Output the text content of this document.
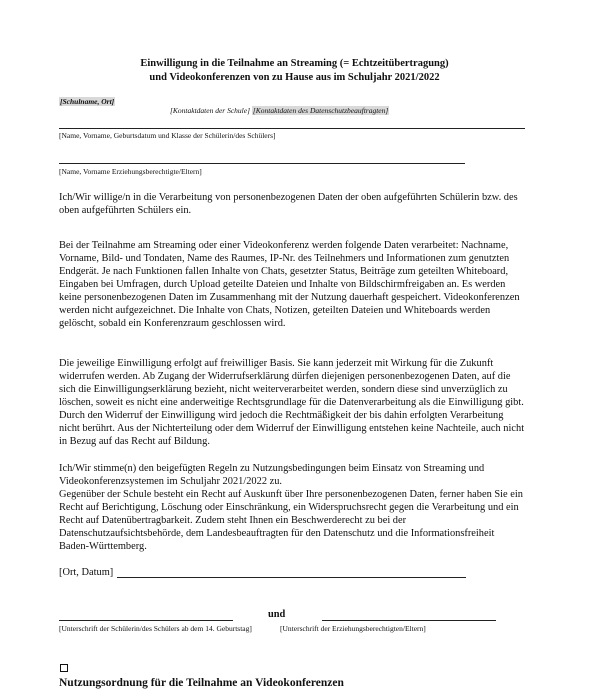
Einwilligung in die Teilnahme an Streaming (= Echtzeitübertragung)
und Videokonferenzen von zu Hause aus im Schuljahr 2021/2022
[Schulname, Ort]
[Kontaktdaten der Schule] [Kontaktdaten des Datenschutzbeauftragten]
[Name, Vorname, Geburtsdatum und Klasse der Schülerin/des Schülers]
[Name, Vorname Erziehungsberechtigte/Eltern]

Ich/Wir willige/n in die Verarbeitung von personenbezogenen Daten der oben aufgeführten Schülerin bzw. des oben aufgeführten Schülers ein.

Bei der Teilnahme am Streaming oder einer Videokonferenz werden folgende Daten verarbeitet: Nachname, Vorname, Bild- und Tondaten, Name des Raumes, IP-Nr. des Teilnehmers und Informationen zum genutzten Endgerät. Je nach Funktionen fallen Inhalte von Chats, gesetzter Status, Beiträge zum geteilten Whiteboard, Eingaben bei Umfragen, durch Upload geteilte Dateien und Inhalte von Bildschirmfreigaben an. Es werden keine personenbezogenen Daten im Zusammenhang mit der Nutzung dauerhaft gespeichert. Videokonferenzen werden nicht aufgezeichnet. Die Inhalte von Chats, Notizen, geteilten Dateien und Whiteboards werden gelöscht, sobald ein Konferenzraum geschlossen wird.

Die jeweilige Einwilligung erfolgt auf freiwilliger Basis. Sie kann jederzeit mit Wirkung für die Zukunft widerrufen werden. Ab Zugang der Widerrufserklärung dürfen diejenigen personenbezogenen Daten, auf die sich die Einwilligungserklärung bezieht, nicht weiterverarbeitet werden, sondern diese sind unverzüglich zu löschen, soweit es nicht eine anderweitige Rechtsgrundlage für die Datenverarbeitung als die Einwilligung gibt. Durch den Widerruf der Einwilligung wird jedoch die Rechtmäßigkeit der bis dahin erfolgten Verarbeitung nicht berührt. Aus der Nichterteilung oder dem Widerruf der Einwilligung entstehen keine Nachteile, auch nicht in Bezug auf das Recht auf Bildung.

Ich/Wir stimme(n) den beigefügten Regeln zu Nutzungsbedingungen beim Einsatz von Streaming und Videokonferenzsystemen im Schuljahr 2021/2022 zu.

Gegenüber der Schule besteht ein Recht auf Auskunft über Ihre personenbezogenen Daten, ferner haben Sie ein Recht auf Berichtigung, Löschung oder Einschränkung, ein Widerspruchsrecht gegen die Verarbeitung und ein Recht auf Datenübertragbarkeit. Zudem steht Ihnen ein Beschwerderecht zu bei der Datenschutzaufsichtsbehörde, dem Landesbeauftragten für den Datenschutz und die Informationsfreiheit Baden-Württemberg.

[Ort, Datum]
und
[Unterschrift der Schülerin/des Schülers ab dem 14. Geburtstag]	[Unterschrift der Erziehungsberechtigten/Eltern]
Nutzungsordnung für die Teilnahme an Videokonferenzen
